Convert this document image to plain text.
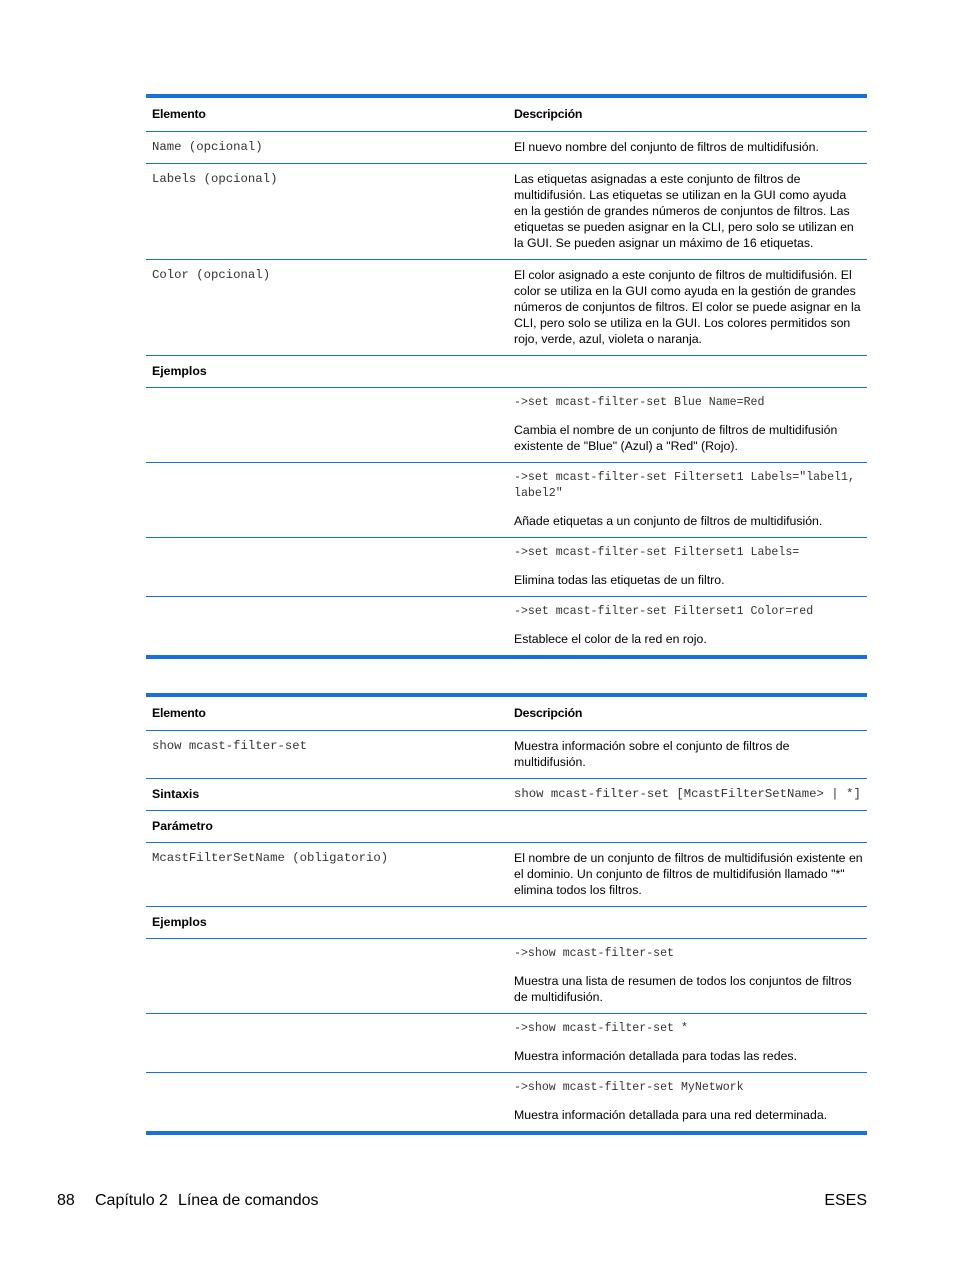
Elemento	Descripción
Name (opcional)	El nuevo nombre del conjunto de filtros de multidifusión.
Labels (opcional)	Las etiquetas asignadas a este conjunto de filtros de multidifusión. Las etiquetas se utilizan en la GUI como ayuda en la gestión de grandes números de conjuntos de filtros. Las etiquetas se pueden asignar en la CLI, pero solo se utilizan en la GUI. Se pueden asignar un máximo de 16 etiquetas.
Color (opcional)	El color asignado a este conjunto de filtros de multidifusión. El color se utiliza en la GUI como ayuda en la gestión de grandes números de conjuntos de filtros. El color se puede asignar en la CLI, pero solo se utiliza en la GUI. Los colores permitidos son rojo, verde, azul, violeta o naranja.
Ejemplos	

	->set mcast-filter-set Blue Name=Red
Cambia el nombre de un conjunto de filtros de multidifusión existente de "Blue" (Azul) a "Red" (Rojo).

	->set mcast-filter-set Filterset1 Labels="label1, label2"
Añade etiquetas a un conjunto de filtros de multidifusión.

	->set mcast-filter-set Filterset1 Labels=
Elimina todas las etiquetas de un filtro.

	->set mcast-filter-set Filterset1 Color=red
Establece el color de la red en rojo.
Elemento	Descripción
show mcast-filter-set	Muestra información sobre el conjunto de filtros de multidifusión.
Sintaxis	show mcast-filter-set [McastFilterSetName> | *]
Parámetro	
McastFilterSetName (obligatorio)	El nombre de un conjunto de filtros de multidifusión existente en el dominio. Un conjunto de filtros de multidifusión llamado "*" elimina todos los filtros.
Ejemplos	

	->show mcast-filter-set
Muestra una lista de resumen de todos los conjuntos de filtros de multidifusión.

	->show mcast-filter-set *
Muestra información detallada para todas las redes.

	->show mcast-filter-set MyNetwork
Muestra información detallada para una red determinada.
88 Capítulo 2 Línea de comandos	ESES
